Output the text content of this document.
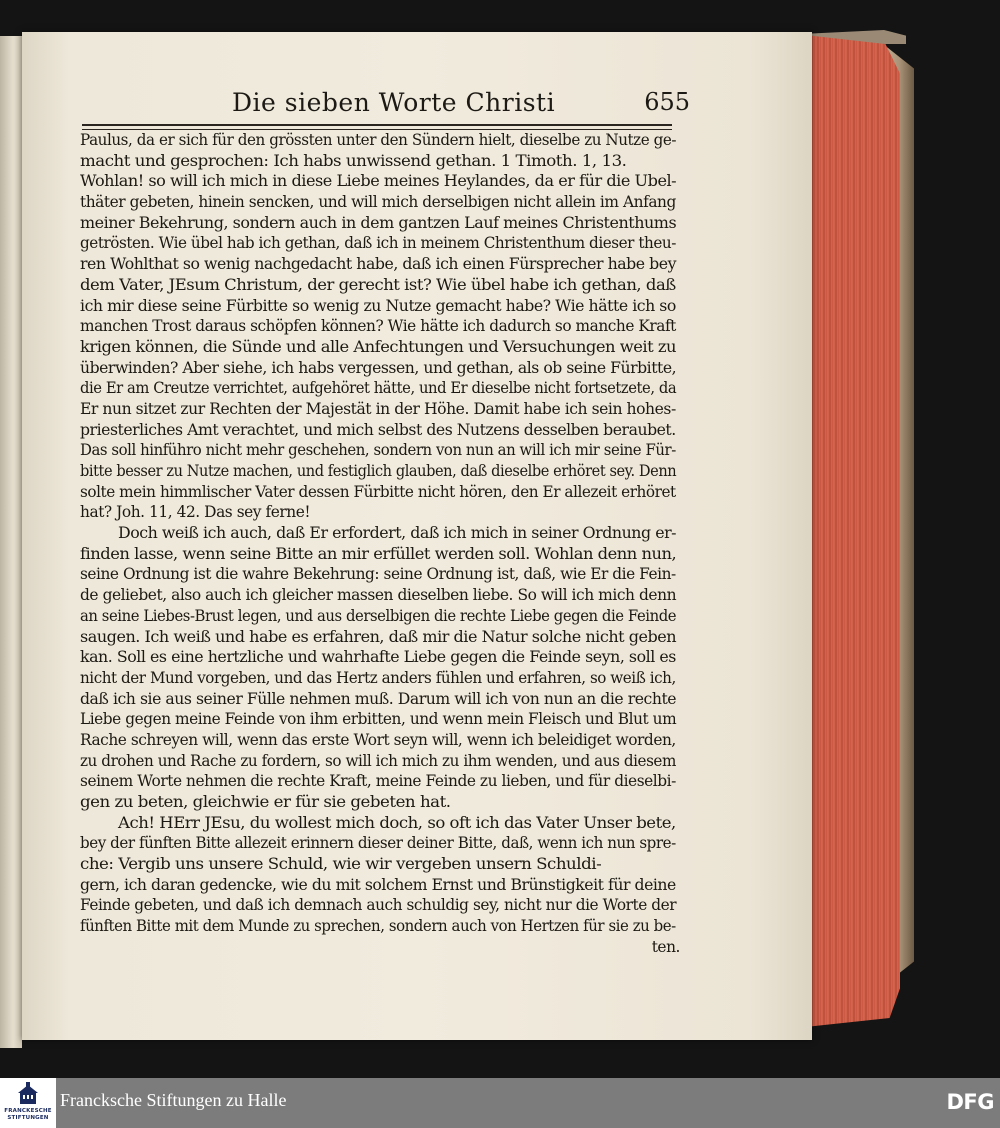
Die sieben Worte Christi	655
Paulus, da er sich für den grössten unter den Sündern hielt, dieselbe zu Nutze ge-
macht und gesprochen: Ich habs unwissend gethan. 1 Timoth. 1, 13.
Wohlan! so will ich mich in diese Liebe meines Heylandes, da er für die Ubel-
thäter gebeten, hinein sencken, und will mich derselbigen nicht allein im Anfang
meiner Bekehrung, sondern auch in dem gantzen Lauf meines Christenthums
getrösten. Wie übel hab ich gethan, daß ich in meinem Christenthum dieser theu-
ren Wohlthat so wenig nachgedacht habe, daß ich einen Fürsprecher habe bey
dem Vater, JEsum Christum, der gerecht ist? Wie übel habe ich gethan, daß
ich mir diese seine Fürbitte so wenig zu Nutze gemacht habe? Wie hätte ich so
manchen Trost daraus schöpfen können? Wie hätte ich dadurch so manche Kraft
krigen können, die Sünde und alle Anfechtungen und Versuchungen weit zu
überwinden? Aber siehe, ich habs vergessen, und gethan, als ob seine Fürbitte,
die Er am Creutze verrichtet, aufgehöret hätte, und Er dieselbe nicht fortsetzete, da
Er nun sitzet zur Rechten der Majestät in der Höhe. Damit habe ich sein hohes-
priesterliches Amt verachtet, und mich selbst des Nutzens desselben beraubet.
Das soll hinführo nicht mehr geschehen, sondern von nun an will ich mir seine Für-
bitte besser zu Nutze machen, und festiglich glauben, daß dieselbe erhöret sey. Denn
solte mein himmlischer Vater dessen Fürbitte nicht hören, den Er allezeit erhöret
hat? Joh. 11, 42. Das sey ferne!
Doch weiß ich auch, daß Er erfordert, daß ich mich in seiner Ordnung er-
finden lasse, wenn seine Bitte an mir erfüllet werden soll. Wohlan denn nun,
seine Ordnung ist die wahre Bekehrung: seine Ordnung ist, daß, wie Er die Fein-
de geliebet, also auch ich gleicher massen dieselben liebe. So will ich mich denn
an seine Liebes-Brust legen, und aus derselbigen die rechte Liebe gegen die Feinde
saugen. Ich weiß und habe es erfahren, daß mir die Natur solche nicht geben
kan. Soll es eine hertzliche und wahrhafte Liebe gegen die Feinde seyn, soll es
nicht der Mund vorgeben, und das Hertz anders fühlen und erfahren, so weiß ich,
daß ich sie aus seiner Fülle nehmen muß. Darum will ich von nun an die rechte
Liebe gegen meine Feinde von ihm erbitten, und wenn mein Fleisch und Blut um
Rache schreyen will, wenn das erste Wort seyn will, wenn ich beleidiget worden,
zu drohen und Rache zu fordern, so will ich mich zu ihm wenden, und aus diesem
seinem Worte nehmen die rechte Kraft, meine Feinde zu lieben, und für dieselbi-
gen zu beten, gleichwie er für sie gebeten hat.
Ach! HErr JEsu, du wollest mich doch, so oft ich das Vater Unser bete,
bey der fünften Bitte allezeit erinnern dieser deiner Bitte, daß, wenn ich nun spre-
che: Vergib uns unsere Schuld, wie wir vergeben unsern Schuldi-
gern, ich daran gedencke, wie du mit solchem Ernst und Brünstigkeit für deine
Feinde gebeten, und daß ich demnach auch schuldig sey, nicht nur die Worte der
fünften Bitte mit dem Munde zu sprechen, sondern auch von Hertzen für sie zu be-
ten.
FRANCKESCHE
STIFTUNGEN
Francksche Stiftungen zu Halle	DFG
